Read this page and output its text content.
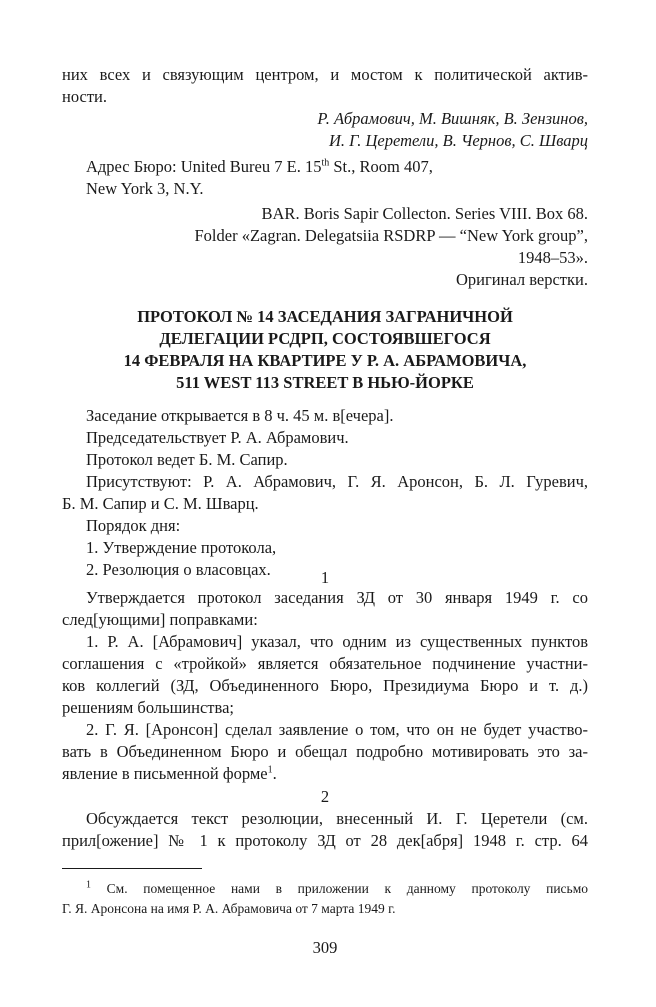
них всех и связующим центром, и мостом к политической актив-

ности.

Р. Абрамович, М. Вишняк, В. Зензинов,

И. Г. Церетели, В. Чернов, С. Шварц

Адрес Бюро: United Bureu 7 E. 15th St., Room 407,

New York 3, N.Y.

BAR. Boris Sapir Collecton. Series VIII. Box 68.

Folder «Zagran. Delegatsiia RSDRP — “New York group”,

1948–53».

Оригинал верстки.

ПРОТОКОЛ № 14 ЗАСЕДАНИЯ ЗАГРАНИЧНОЙ

ДЕЛЕГАЦИИ РСДРП, СОСТОЯВШЕГОСЯ

14 ФЕВРАЛЯ НА КВАРТИРЕ У Р. А. АБРАМОВИЧА,

511 WEST 113 STREET В НЬЮ-ЙОРКЕ

Заседание открывается в 8 ч. 45 м. в[ечера].

Председательствует Р. А. Абрамович.

Протокол ведет Б. М. Сапир.

Присутствуют: Р. А. Абрамович, Г. Я. Аронсон, Б. Л. Гуревич,

Б. М. Сапир и С. М. Шварц.

Порядок дня:

1. Утверждение протокола,

2. Резолюция о власовцах.	1

Утверждается протокол заседания ЗД от 30 января 1949 г. со

след[ующими] поправками:

1. Р. А. [Абрамович] указал, что одним из существенных пунктов

соглашения с «тройкой» является обязательное подчинение участни-

ков коллегий (ЗД, Объединенного Бюро, Президиума Бюро и т. д.)

решениям большинства;

2. Г. Я. [Аронсон] сделал заявление о том, что он не будет участво-

вать в Объединенном Бюро и обещал подробно мотивировать это за-

явление в письменной форме$^1$.

2

$^1$ См. помещенное нами в приложении к данному протоколу письмо

Г. Я. Аронсона на имя Р. А. Абрамовича от 7 марта 1949 г.

309

Обсуждается текст резолюции, внесенный И. Г. Церетели (см.

прил[ожение] № 1 к протоколу ЗД от 28 дек[абря] 1948 г. стр. 64
